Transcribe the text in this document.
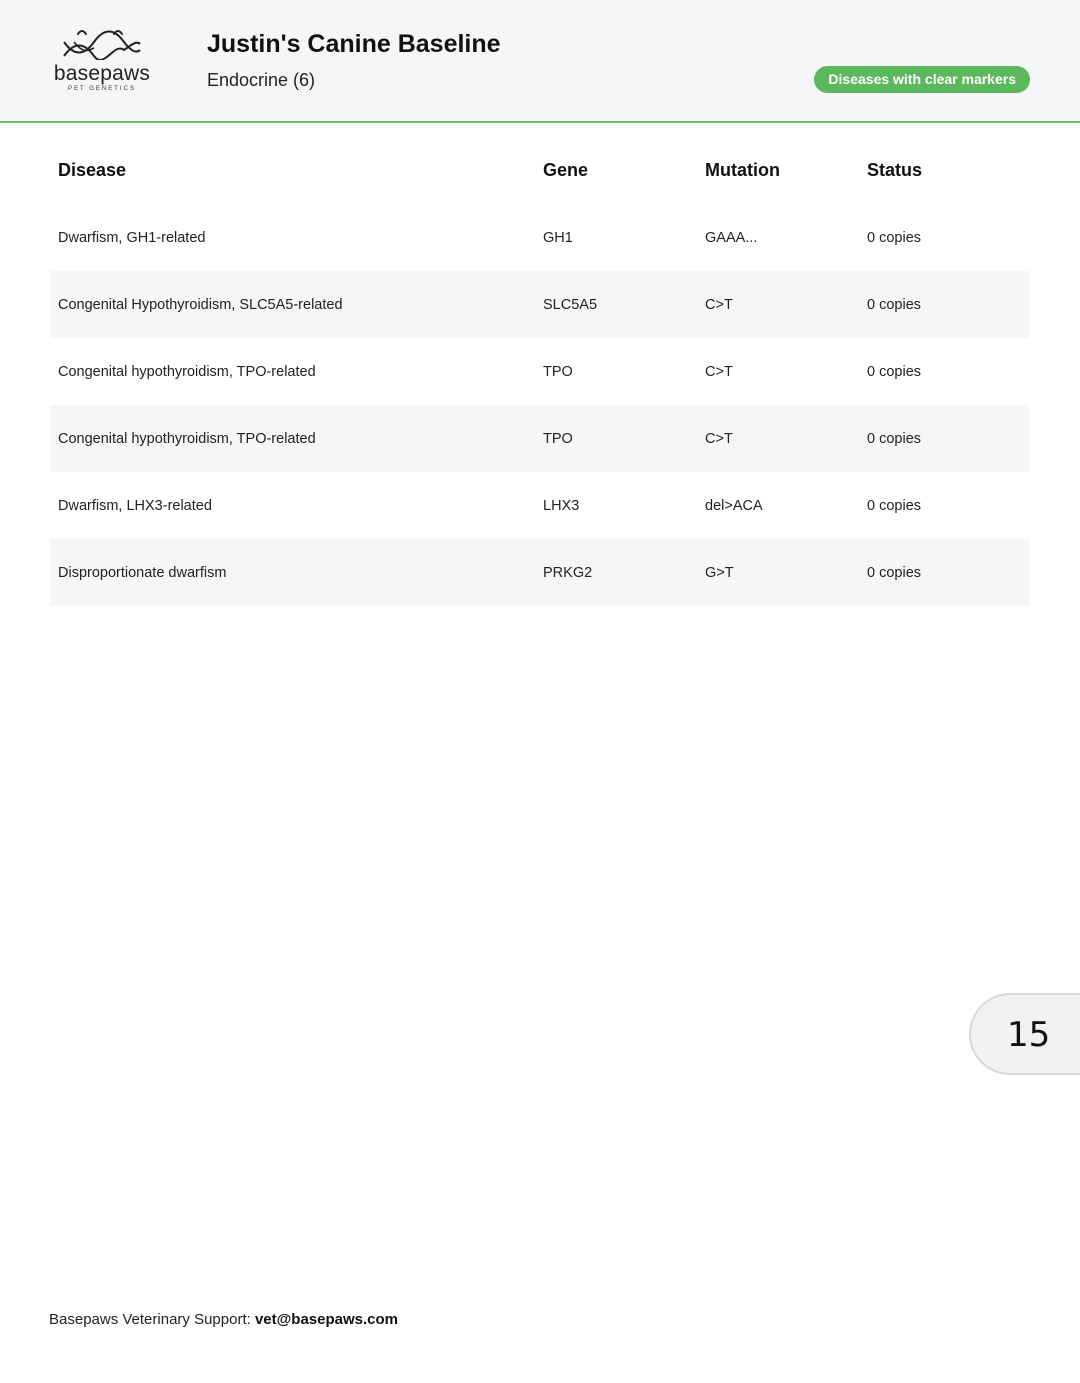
basepaws
PET GENETICS
Justin's Canine Baseline
Endocrine (6)	Diseases with clear markers
Disease	Gene	Mutation	Status
Dwarfism, GH1-related	GH1	GAAA...	0 copies
Congenital Hypothyroidism, SLC5A5-related	SLC5A5	C>T	0 copies
Congenital hypothyroidism, TPO-related	TPO	C>T	0 copies
Congenital hypothyroidism, TPO-related	TPO	C>T	0 copies
Dwarfism, LHX3-related	LHX3	del>ACA	0 copies
Disproportionate dwarfism	PRKG2	G>T	0 copies
15
Basepaws Veterinary Support: vet@basepaws.com
